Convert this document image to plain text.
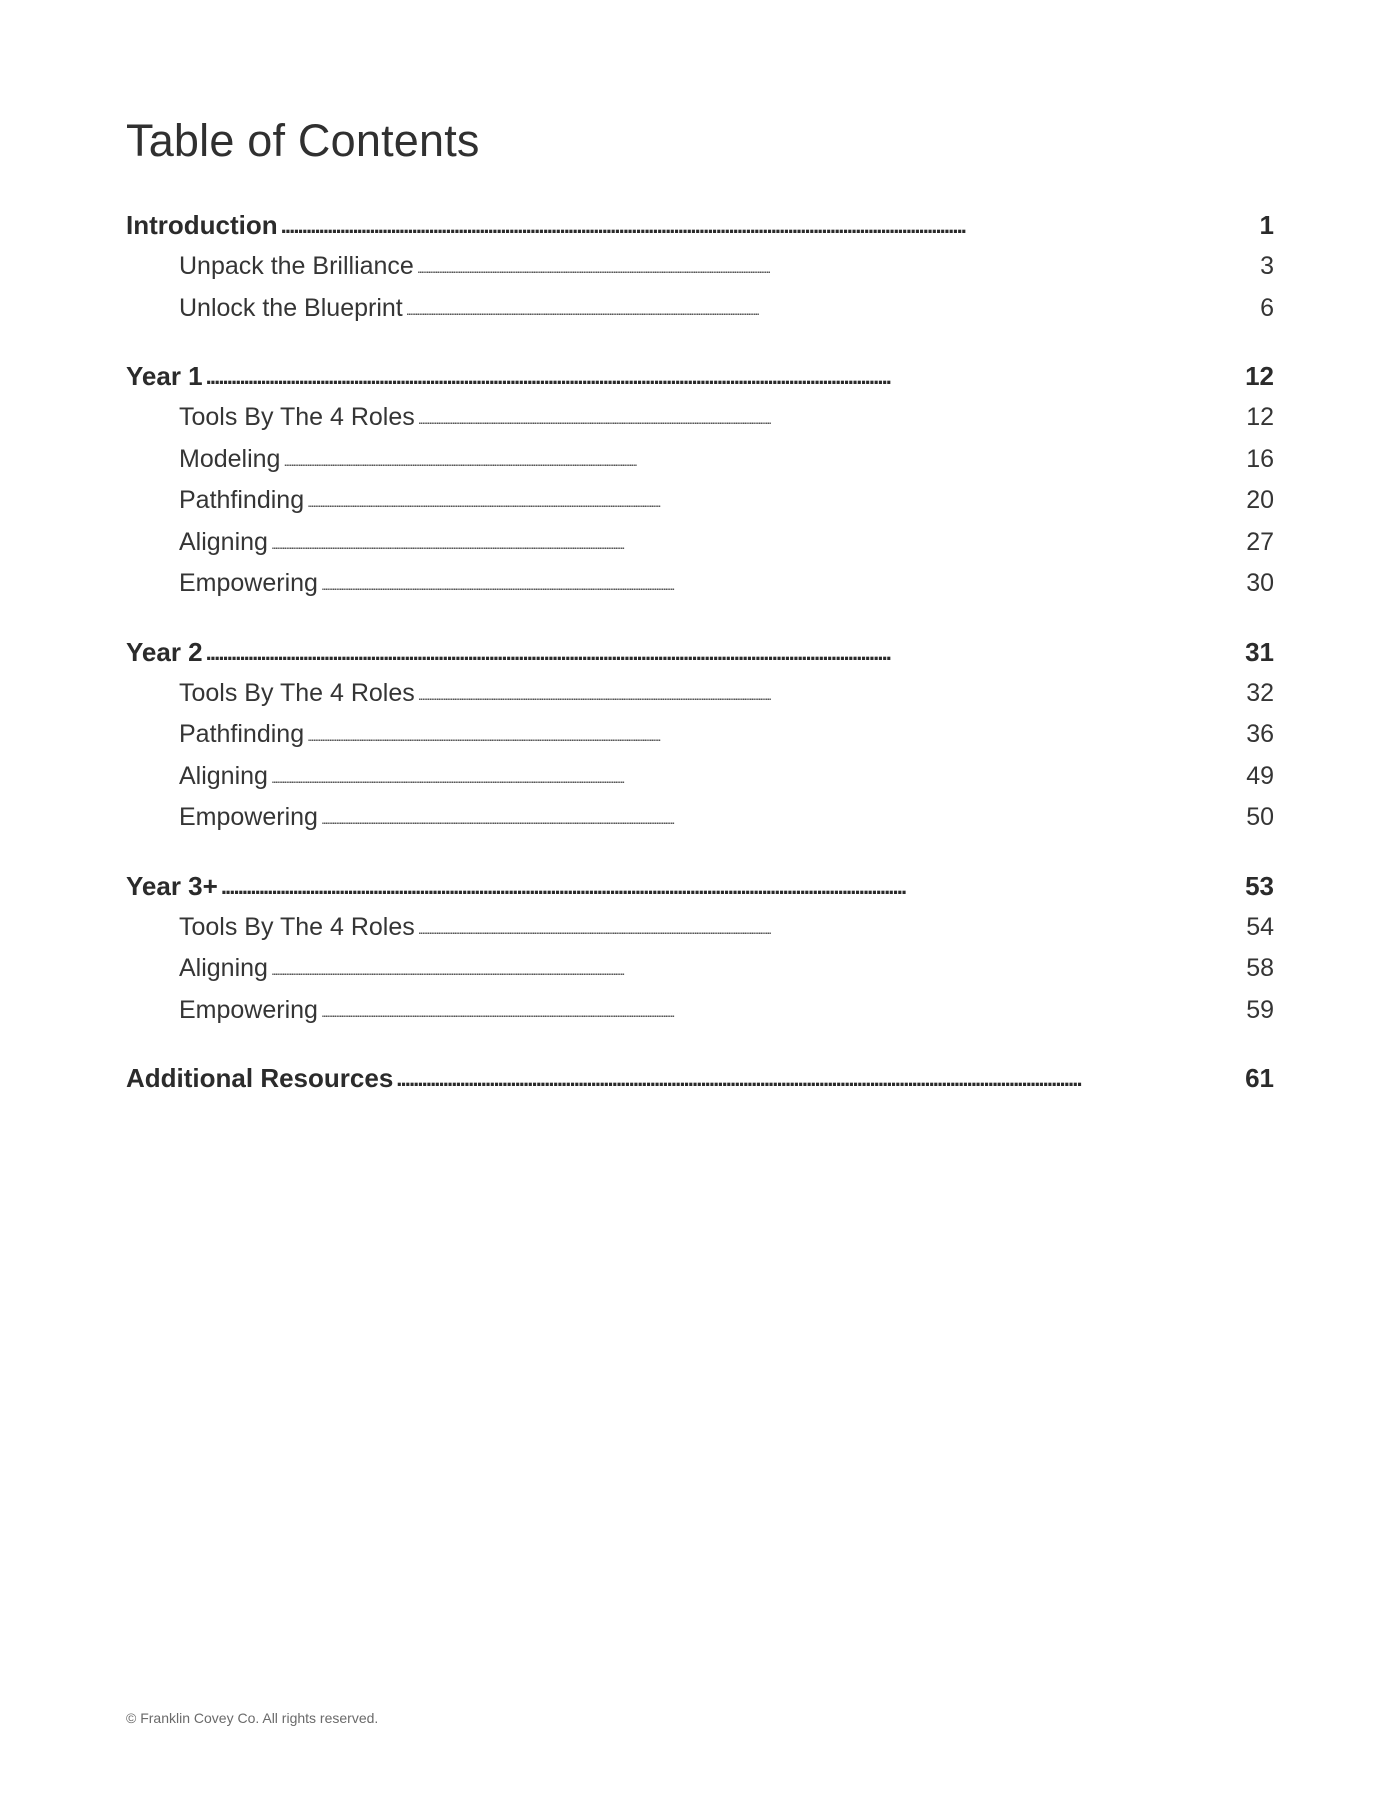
Table of Contents
Introduction . . .	1
Unpack the Brilliance . . .	3
Unlock the Blueprint . . .	6
Year 1 . . .	12
Tools By The 4 Roles . . .	12
Modeling . . .	16
Pathfinding . . .	20
Aligning . . .	27
Empowering . . .	30
Year 2 . . .	31
Tools By The 4 Roles . . .	32
Pathfinding . . .	36
Aligning . . .	49
Empowering . . .	50
Year 3+ . . .	53
Tools By The 4 Roles . . .	54
Aligning . . .	58
Empowering . . .	59
Additional Resources . . .	61
© Franklin Covey Co. All rights reserved.
